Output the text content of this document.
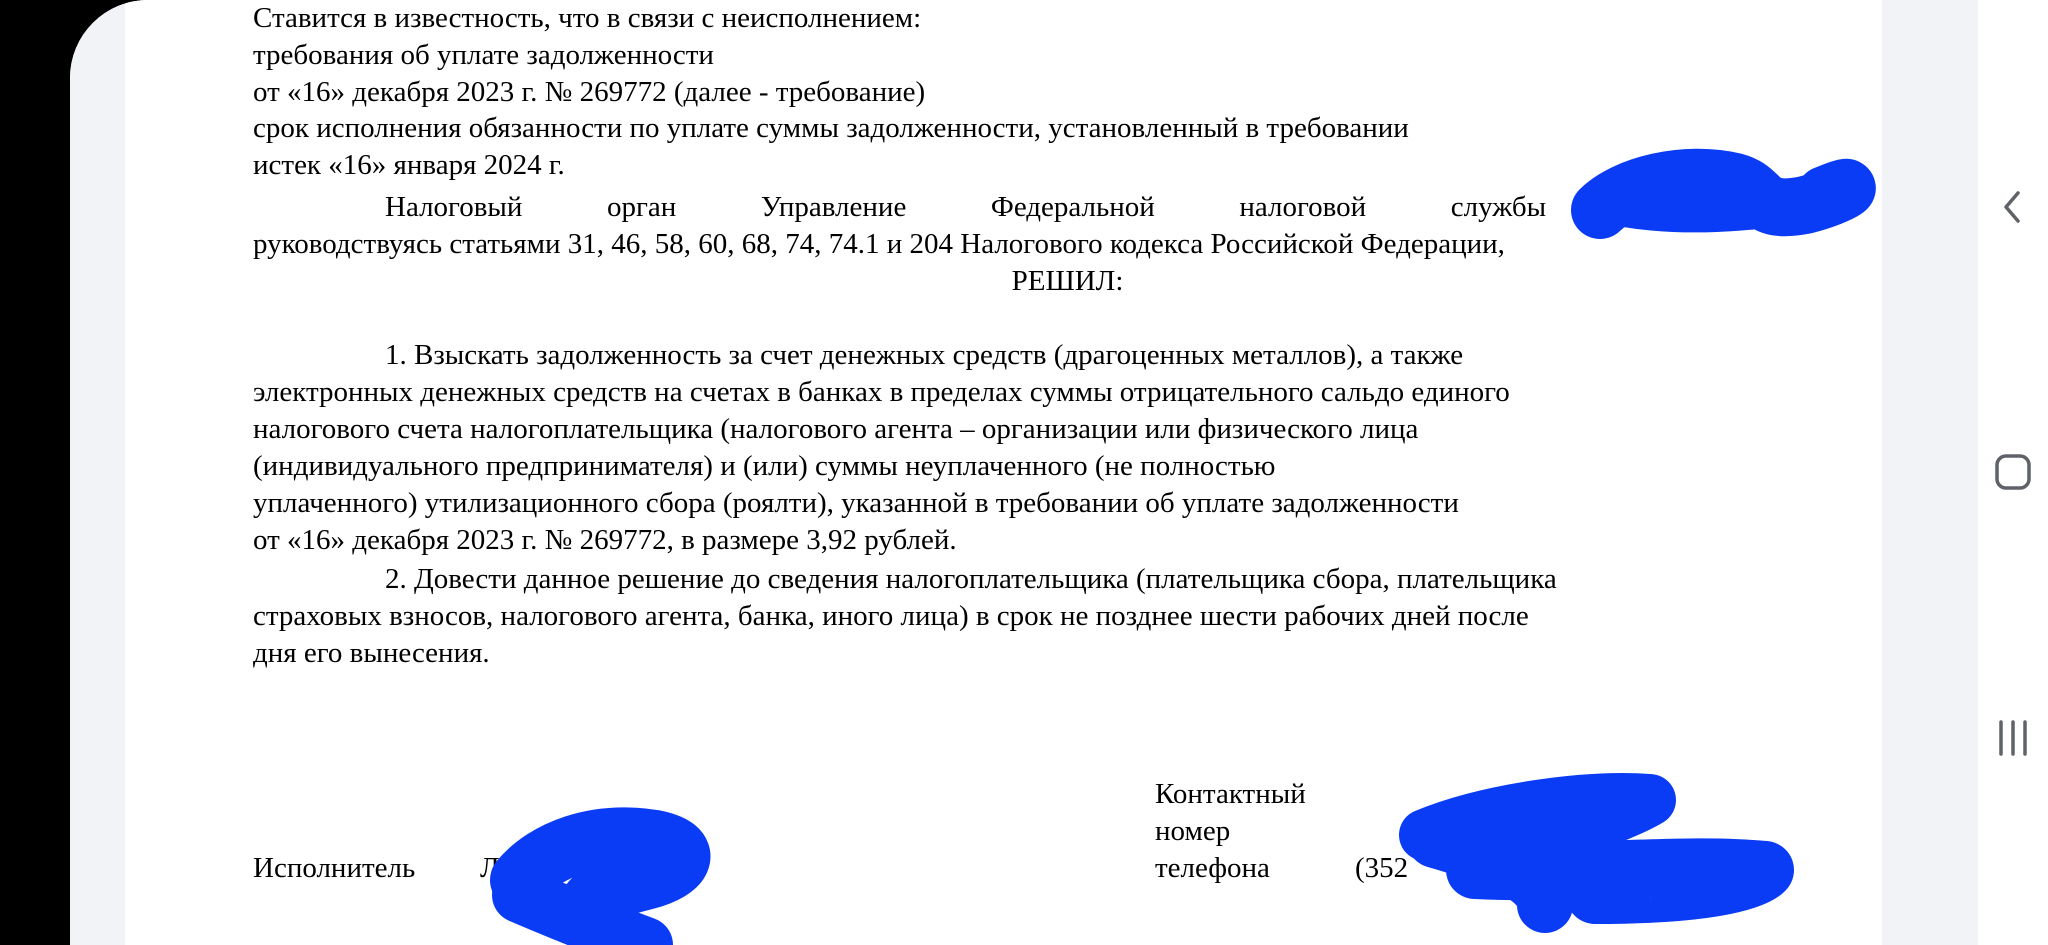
Ставится в известность, что в связи с неисполнением:

требования об уплате задолженности

от «16» декабря 2023 г. № 269772 (далее - требование)

срок исполнения обязанности по уплате суммы задолженности, установленный в требовании

истек «16» января 2024 г.

Налоговый	орган	Управление	Федеральной	налоговой	службы	по	Ку

руководствуясь статьями 31, 46, 58, 60, 68, 74, 74.1 и 204 Налогового кодекса Российской Федерации,

РЕШИЛ:

1. Взыскать задолженность за счет денежных средств (драгоценных металлов), а также

электронных денежных средств на счетах в банках в пределах суммы отрицательного сальдо единого

налогового счета налогоплательщика (налогового агента – организации или физического лица

(индивидуального предпринимателя) и (или) суммы неуплаченного (не полностью

уплаченного) утилизационного сбора (роялти), указанной в требовании об уплате задолженности

от «16» декабря 2023 г. № 269772, в размере 3,92 рублей.

2. Довести данное решение до сведения налогоплательщика (плательщика сбора, плательщика

страховых взносов, налогового агента, банка, иного лица) в срок не позднее шести рабочих дней после

дня его вынесения.

Контактный

номер

телефона	(352

Исполнитель Лу к Т.В.
